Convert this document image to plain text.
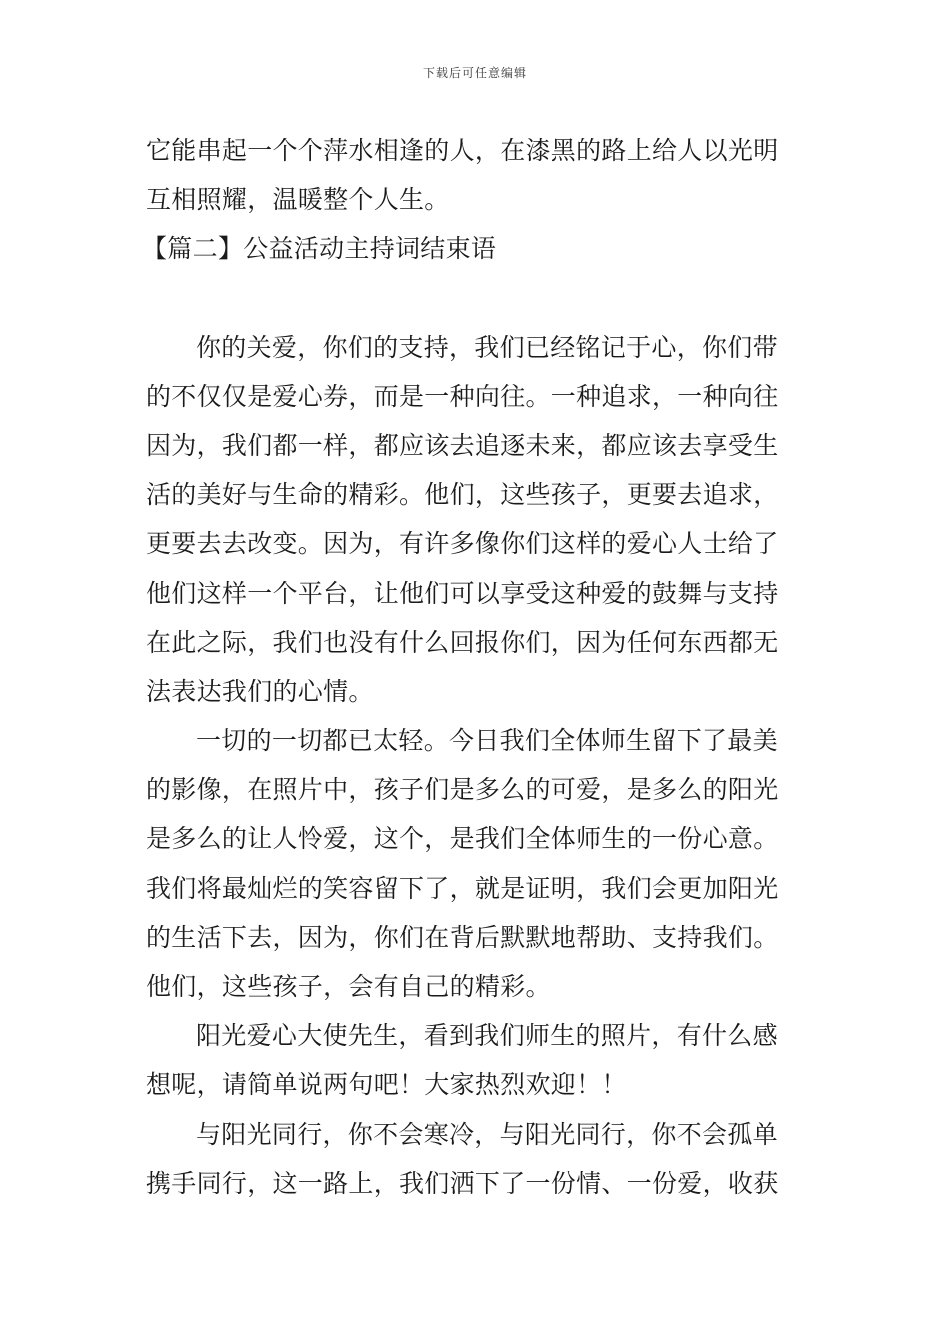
下载后可任意编辑
它能串起一个个萍水相逢的人，在漆黑的路上给人以光明
互相照耀，温暖整个人生。
【篇二】公益活动主持词结束语
你的关爱，你们的支持，我们已经铭记于心，你们带
的不仅仅是爱心券，而是一种向往。一种追求，一种向往
因为，我们都一样，都应该去追逐未来，都应该去享受生
活的美好与生命的精彩。他们，这些孩子，更要去追求，
更要去去改变。因为，有许多像你们这样的爱心人士给了
他们这样一个平台，让他们可以享受这种爱的鼓舞与支持
在此之际，我们也没有什么回报你们，因为任何东西都无
法表达我们的心情。
一切的一切都已太轻。今日我们全体师生留下了最美
的影像，在照片中，孩子们是多么的可爱，是多么的阳光
是多么的让人怜爱，这个，是我们全体师生的一份心意。
我们将最灿烂的笑容留下了，就是证明，我们会更加阳光
的生活下去，因为，你们在背后默默地帮助、支持我们。
他们，这些孩子，会有自己的精彩。
阳光爱心大使先生，看到我们师生的照片，有什么感
想呢，请简单说两句吧！大家热烈欢迎！！
与阳光同行，你不会寒冷，与阳光同行，你不会孤单
携手同行，这一路上，我们洒下了一份情、一份爱，收获
